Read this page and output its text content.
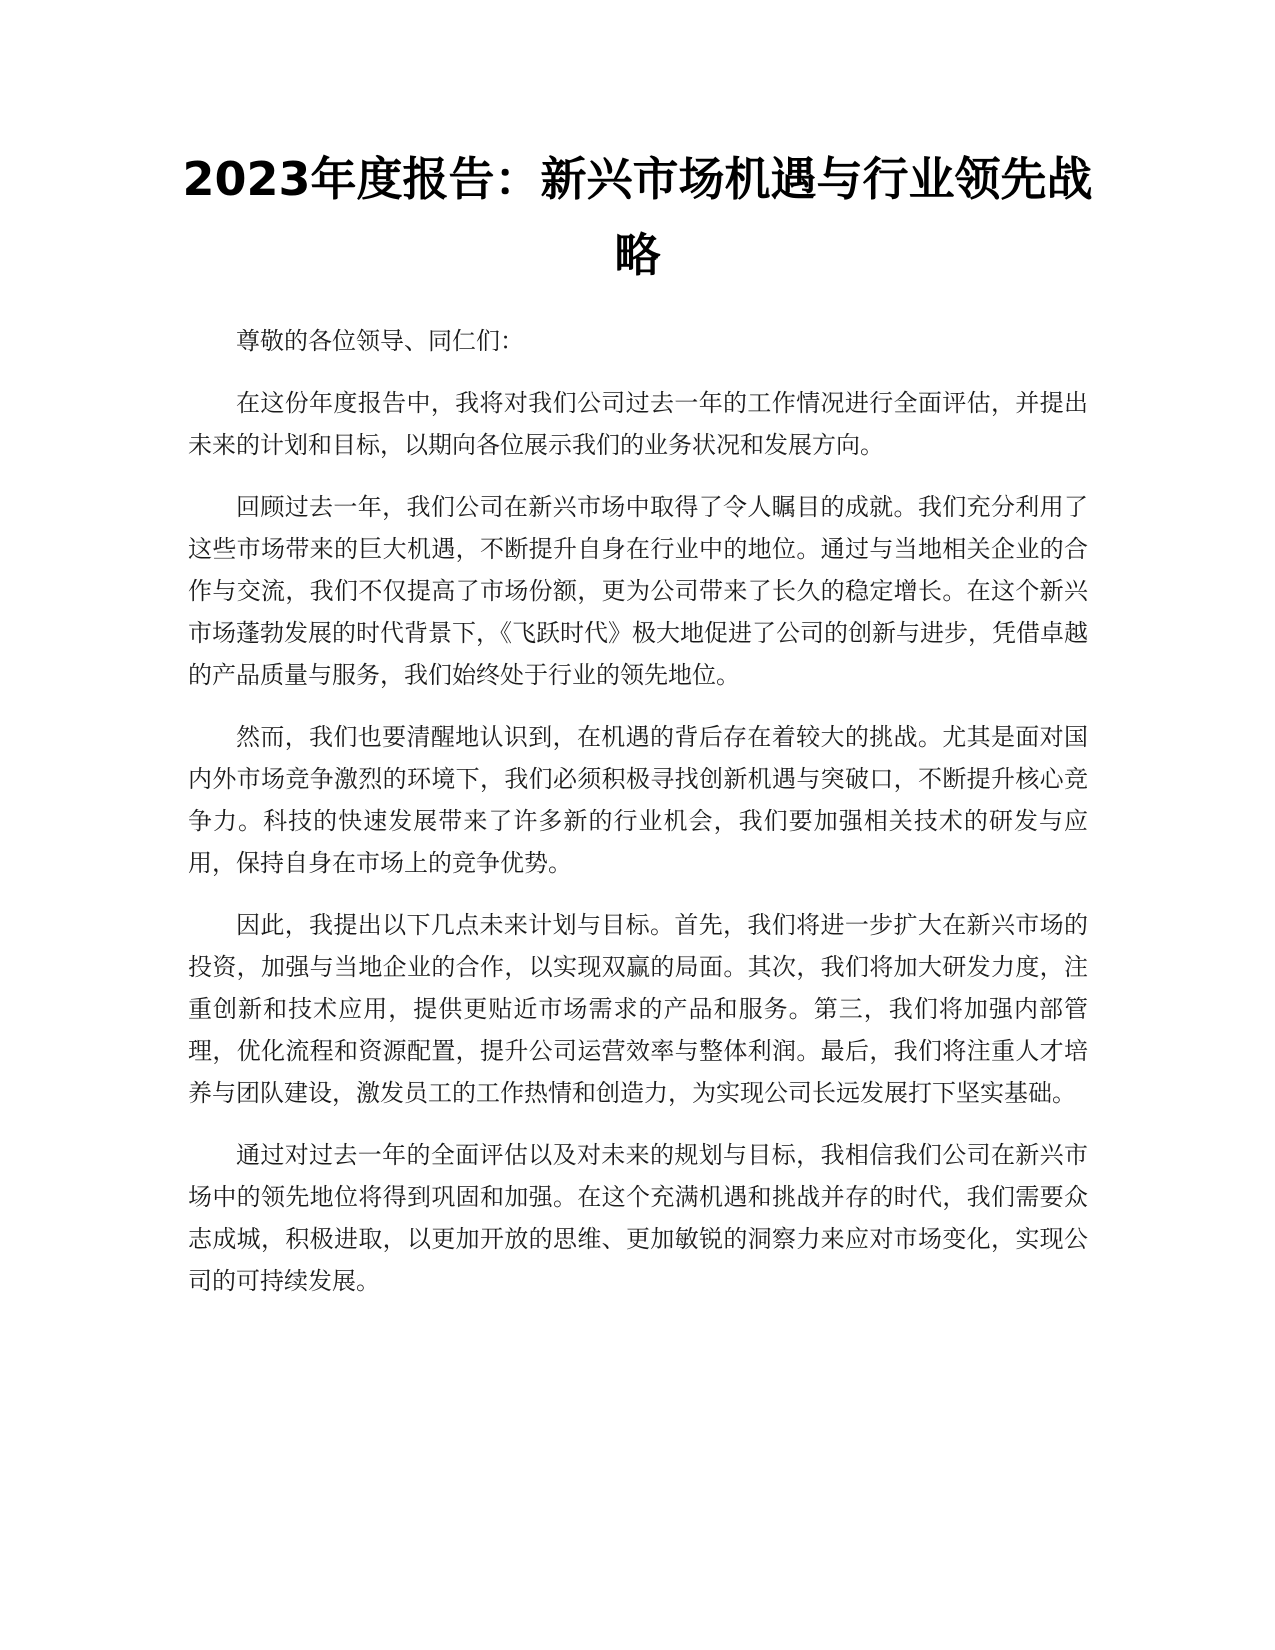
2023年度报告：新兴市场机遇与行业领先战略

尊敬的各位领导、同仁们：

在这份年度报告中，我将对我们公司过去一年的工作情况进行全面评估，并提出未来的计划和目标，以期向各位展示我们的业务状况和发展方向。

回顾过去一年，我们公司在新兴市场中取得了令人瞩目的成就。我们充分利用了这些市场带来的巨大机遇，不断提升自身在行业中的地位。通过与当地相关企业的合作与交流，我们不仅提高了市场份额，更为公司带来了长久的稳定增长。在这个新兴市场蓬勃发展的时代背景下，《飞跃时代》极大地促进了公司的创新与进步，凭借卓越的产品质量与服务，我们始终处于行业的领先地位。

然而，我们也要清醒地认识到，在机遇的背后存在着较大的挑战。尤其是面对国内外市场竞争激烈的环境下，我们必须积极寻找创新机遇与突破口，不断提升核心竞争力。科技的快速发展带来了许多新的行业机会，我们要加强相关技术的研发与应用，保持自身在市场上的竞争优势。

因此，我提出以下几点未来计划与目标。首先，我们将进一步扩大在新兴市场的投资，加强与当地企业的合作，以实现双赢的局面。其次，我们将加大研发力度，注重创新和技术应用，提供更贴近市场需求的产品和服务。第三，我们将加强内部管理，优化流程和资源配置，提升公司运营效率与整体利润。最后，我们将注重人才培养与团队建设，激发员工的工作热情和创造力，为实现公司长远发展打下坚实基础。

通过对过去一年的全面评估以及对未来的规划与目标，我相信我们公司在新兴市场中的领先地位将得到巩固和加强。在这个充满机遇和挑战并存的时代，我们需要众志成城，积极进取，以更加开放的思维、更加敏锐的洞察力来应对市场变化，实现公司的可持续发展。
